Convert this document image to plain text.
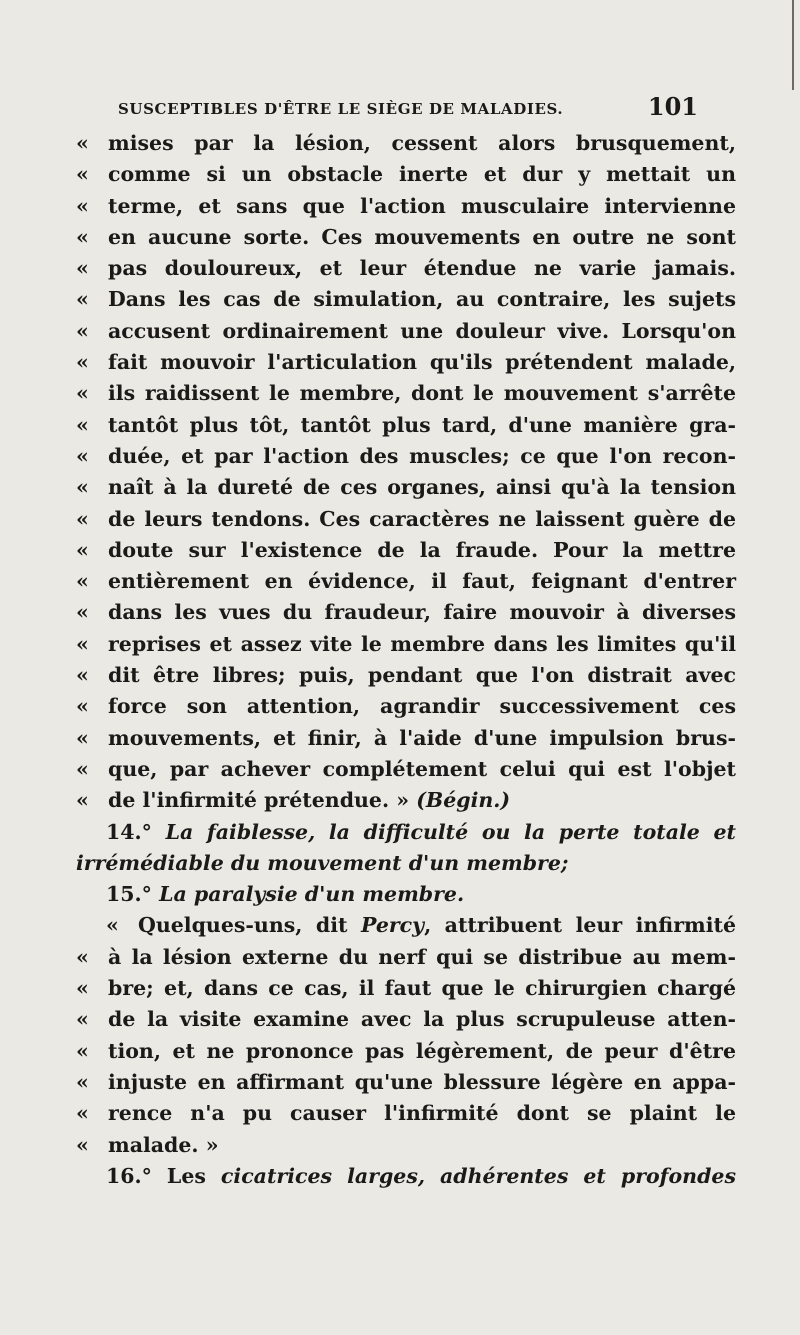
SUSCEPTIBLES D'ÊTRE LE SIÈGE DE MALADIES.	101
« mises par la lésion, cessent alors brusquement,
« comme si un obstacle inerte et dur y mettait un
« terme, et sans que l'action musculaire intervienne
« en aucune sorte. Ces mouvements en outre ne sont
« pas douloureux, et leur étendue ne varie jamais.
« Dans les cas de simulation, au contraire, les sujets
« accusent ordinairement une douleur vive. Lorsqu'on
« fait mouvoir l'articulation qu'ils prétendent malade,
« ils raidissent le membre, dont le mouvement s'arrête
« tantôt plus tôt, tantôt plus tard, d'une manière gra-
« duée, et par l'action des muscles; ce que l'on recon-
« naît à la dureté de ces organes, ainsi qu'à la tension
« de leurs tendons. Ces caractères ne laissent guère de
« doute sur l'existence de la fraude. Pour la mettre
« entièrement en évidence, il faut, feignant d'entrer
« dans les vues du fraudeur, faire mouvoir à diverses
« reprises et assez vite le membre dans les limites qu'il
« dit être libres; puis, pendant que l'on distrait avec
« force son attention, agrandir successivement ces
« mouvements, et finir, à l'aide d'une impulsion brus-
« que, par achever complétement celui qui est l'objet
« de l'infirmité prétendue. » (Bégin.)
14.° La faiblesse, la difficulté ou la perte totale et
irrémédiable du mouvement d'un membre;
15.° La paralysie d'un membre.
« Quelques-uns, dit Percy, attribuent leur infirmité
« à la lésion externe du nerf qui se distribue au mem-
« bre; et, dans ce cas, il faut que le chirurgien chargé
« de la visite examine avec la plus scrupuleuse atten-
« tion, et ne prononce pas légèrement, de peur d'être
« injuste en affirmant qu'une blessure légère en appa-
« rence n'a pu causer l'infirmité dont se plaint le
« malade. »
16.° Les cicatrices larges, adhérentes et profondes
